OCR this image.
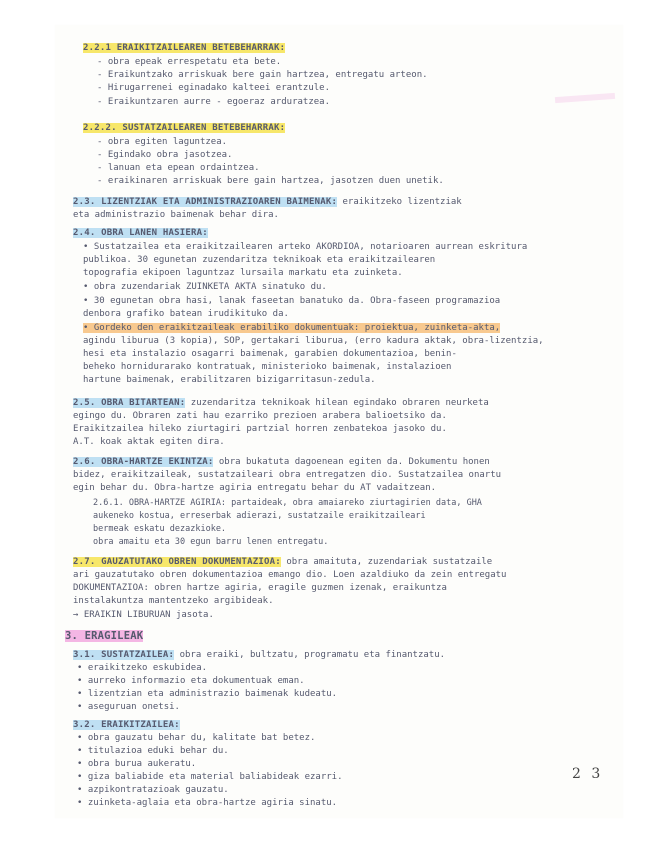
2.2.1 ERAIKITZAILEAREN BETEBEHARRAK:
- obra epeak errespetatu eta bete.
- Eraikuntzako arriskuak bere gain hartzea, entregatu arteon.
- Hirugarrenei eginadako kalteei erantzule.
- Eraikuntzaren aurre - egoeraz arduratzea.
2.2.2. SUSTATZAILEAREN BETEBEHARRAK:
- obra egiten laguntzea.
- Egindako obra jasotzea.
- lanuan eta epean ordaintzea.
- eraikinaren arriskuak bere gain hartzea, jasotzen duen unetik.
2.3. LIZENTZIAK ETA ADMINISTRAZIOAREN BAIMENAK: eraikitzeko lizentziak
eta administrazio baimenak behar dira.
2.4. OBRA LANEN HASIERA:
• Sustatzailea eta eraikitzailearen arteko AKORDIOA, notarioaren aurrean eskritura
publikoa. 30 egunetan zuzendaritza teknikoak eta eraikitzailearen
topografia ekipoen laguntzaz lursaila markatu eta zuinketa.
• obra zuzendariak ZUINKETA AKTA sinatuko du.
• 30 egunetan obra hasi, lanak faseetan banatuko da. Obra-faseen programazioa
denbora grafiko batean irudikituko da.
• Gordeko den eraikitzaileak erabiliko dokumentuak: proiektua, zuinketa-akta,
agindu liburua (3 kopia), SOP, gertakari liburua, (erro kadura aktak, obra-lizentzia,
hesi eta instalazio osagarri baimenak, garabien dokumentazioa, benin-
beheko hornidurarako kontratuak, ministerioko baimenak, instalazioen
hartune baimenak, erabilitzaren bizigarritasun-zedula.
2.5. OBRA BITARTEAN: zuzendaritza teknikoak hilean egindako obraren neurketa
egingo du. Obraren zati hau ezarriko prezioen arabera balioetsiko da.
Eraikitzailea hileko ziurtagiri partzial horren zenbatekoa jasoko du.
A.T. koak aktak egiten dira.
2.6. OBRA-HARTZE EKINTZA: obra bukatuta dagoenean egiten da. Dokumentu honen
bidez, eraikitzaileak, sustatzaileari obra entregatzen dio. Sustatzailea onartu
egin behar du. Obra-hartze agiria entregatu behar du AT vadaitzean.
2.6.1. OBRA-HARTZE AGIRIA: partaideak, obra amaiareko ziurtagirien data, GHA
aukeneko kostua, erreserbak adierazi, sustatzaile eraikitzaileari
bermeak eskatu dezazkioke.
obra amaitu eta 30 egun barru lenen entregatu.
2.7. GAUZATUTAKO OBREN DOKUMENTAZIOA: obra amaituta, zuzendariak sustatzaile
ari gauzatutako obren dokumentazioa emango dio. Loen azaldiuko da zein entregatu
DOKUMENTAZIOA: obren hartze agiria, eragile guzmen izenak, eraikuntza
instalakuntza mantentzeko argibideak.
→ ERAIKIN LIBURUAN jasota.
3. ERAGILEAK
3.1. SUSTATZAILEA: obra eraiki, bultzatu, programatu eta finantzatu.
• eraikitzeko eskubidea.
• aurreko informazio eta dokumentuak eman.
• lizentzian eta administrazio baimenak kudeatu.
• aseguruan onetsi.
3.2. ERAIKITZAILEA:
• obra gauzatu behar du, kalitate bat betez.
• titulazioa eduki behar du.
• obra burua aukeratu.
• giza baliabide eta material baliabideak ezarri.
• azpikontratazioak gauzatu.
• zuinketa-aglaia eta obra-hartze agiria sinatu.
2 3
